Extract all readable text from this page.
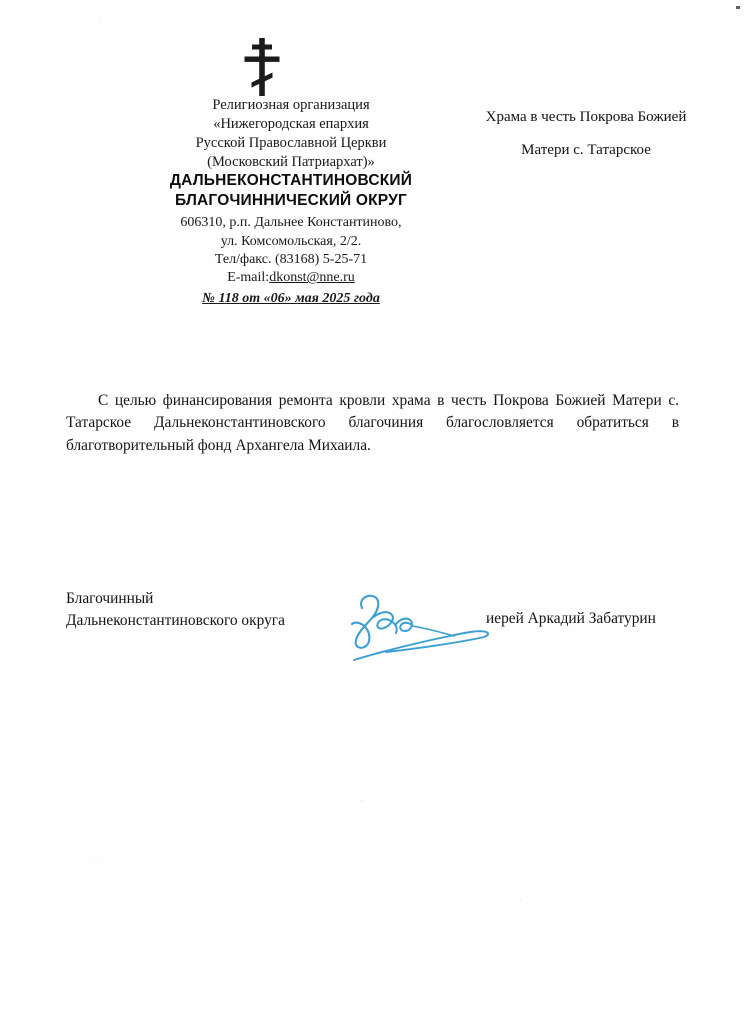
Религиозная организация
«Нижегородская епархия
Русской Православной Церкви
(Московский Патриархат)»
ДАЛЬНЕКОНСТАНТИНОВСКИЙ
БЛАГОЧИННИЧЕСКИЙ ОКРУГ
606310, р.п. Дальнее Константиново,
ул. Комсомольская, 2/2.
Тел/факс. (83168) 5-25-71
E-mail:dkonst@nne.ru
№ 118 от «06» мая 2025 года
Храма в честь Покрова Божией
Матери с. Татарское
С целью финансирования ремонта кровли храма в честь Покрова Божией Матери с. Татарское Дальнеконстантиновского благочиния благословляется обратиться в благотворительный фонд Архангела Михаила.
Благочинный
Дальнеконстантиновского округа	иерей Аркадий Забатурин
